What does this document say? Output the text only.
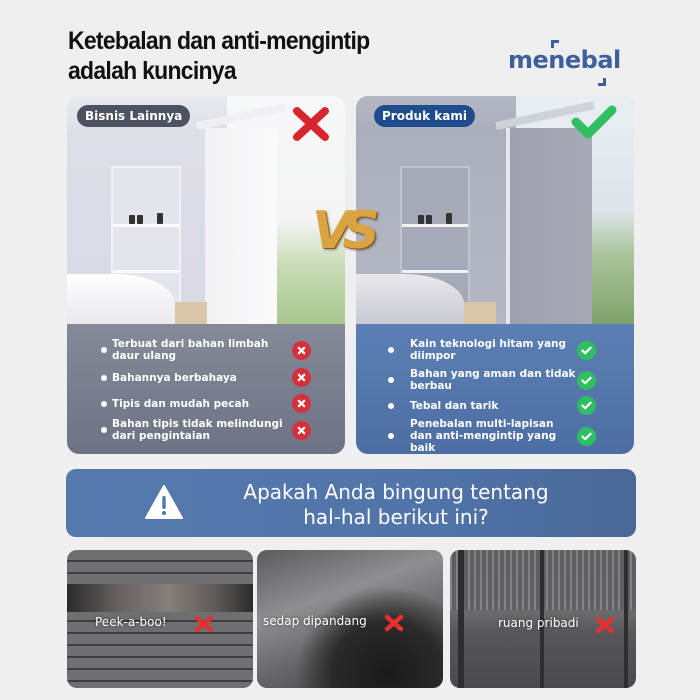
Ketebalan dan anti-mengintip
adalah kuncinya	menebal
Bisnis Lainnya
Terbuat dari bahan limbah daur ulang
Bahannya berbahaya
Tipis dan mudah pecah
Bahan tipis tidak melindungi dari pengintaian
Produk kami
Kain teknologi hitam yang diimpor
Bahan yang aman dan tidak berbau
Tebal dan tarik
Penebalan multi-lapisan dan anti-mengintip yang baik
VS
Apakah Anda bingung tentang
hal-hal berikut ini?
Peek-a-boo!	sedap dipandang	ruang pribadi
